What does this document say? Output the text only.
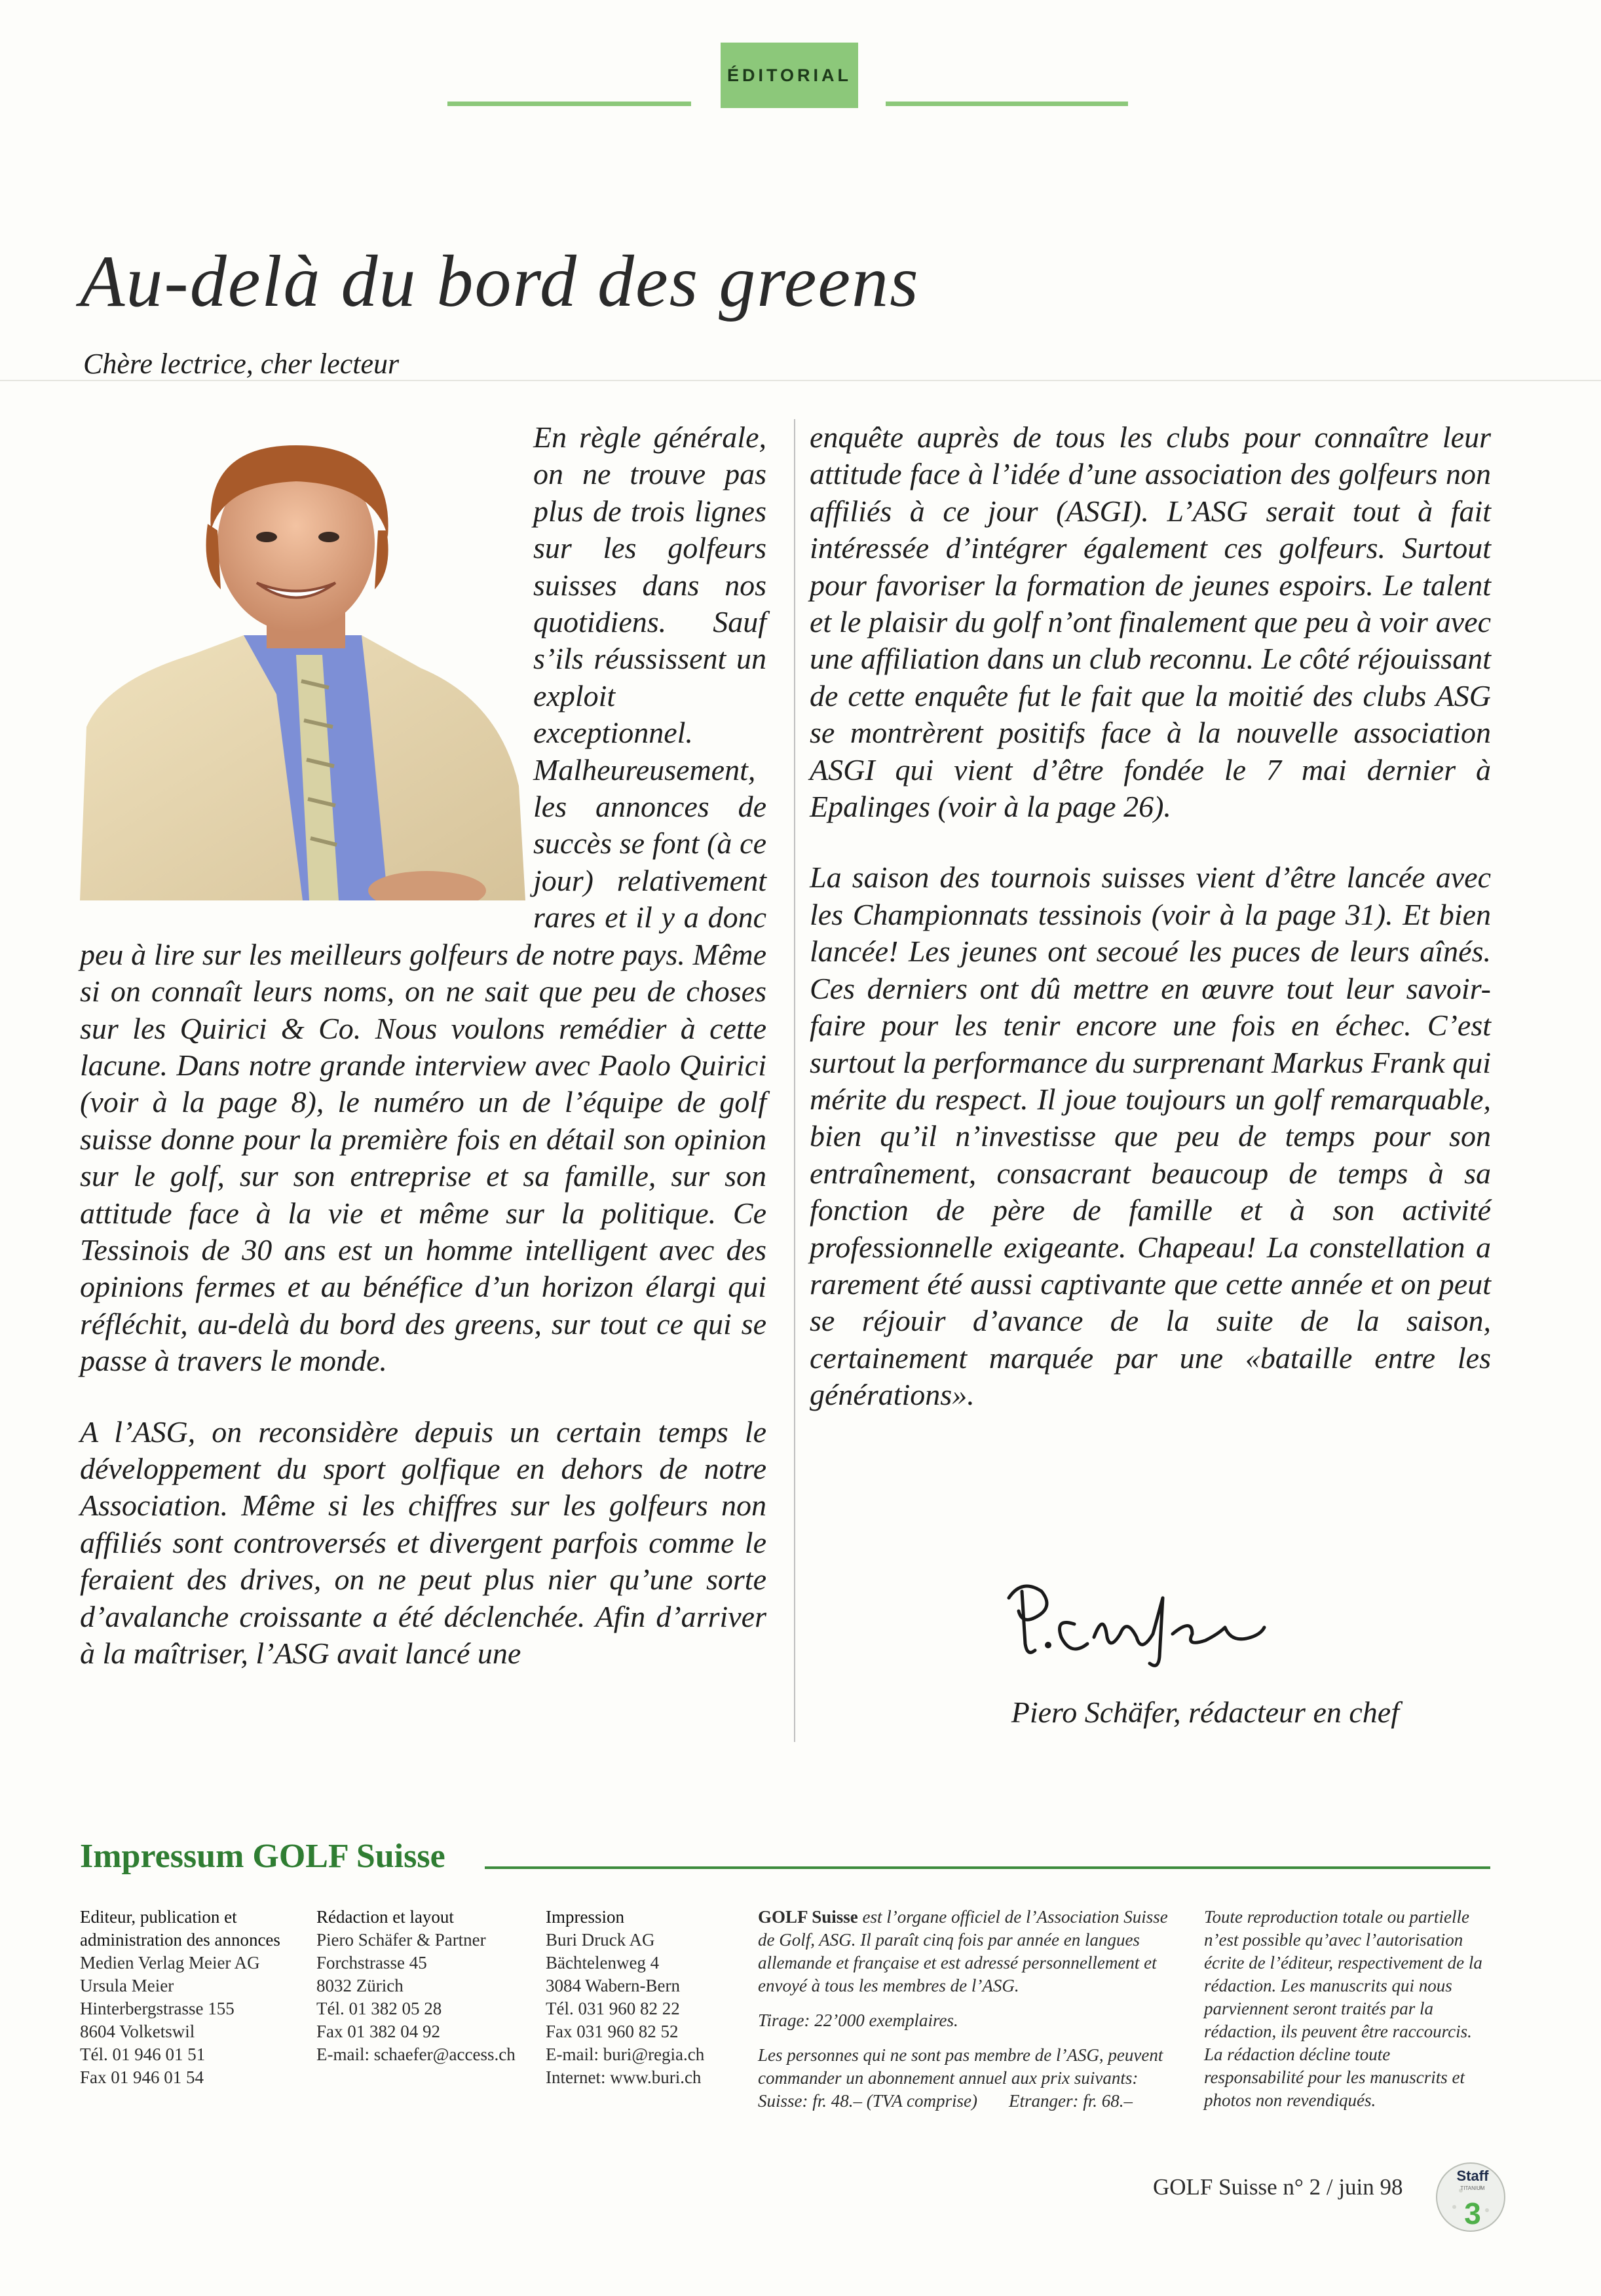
ÉDITORIAL
Au-delà du bord des greens
Chère lectrice, cher lecteur

En règle générale, on ne trouve pas plus de trois lignes sur les golfeurs suisses dans nos quotidiens. Sauf s’ils réussissent un exploit exceptionnel. Malheureusement, les annonces de succès se font (à ce jour) relativement rares et il y a donc peu à lire sur les meilleurs golfeurs de notre pays. Même si on connaît leurs noms, on ne sait que peu de choses sur les Quirici & Co. Nous voulons remédier à cette lacune. Dans notre grande interview avec Paolo Quirici (voir à la page 8), le numéro un de l’équipe de golf suisse donne pour la première fois en détail son opinion sur le golf, sur son entreprise et sa famille, sur son attitude face à la vie et même sur la politique. Ce Tessinois de 30 ans est un homme intelligent avec des opinions fermes et au bénéfice d’un horizon élargi qui réfléchit, au-delà du bord des greens, sur tout ce qui se passe à travers le monde.

A l’ASG, on reconsidère depuis un certain temps le développement du sport golfique en dehors de notre Association. Même si les chiffres sur les golfeurs non affiliés sont controversés et divergent parfois comme le feraient des drives, on ne peut plus nier qu’une sorte d’avalanche croissante a été déclenchée. Afin d’arriver à la maîtriser, l’ASG avait lancé une

enquête auprès de tous les clubs pour connaître leur attitude face à l’idée d’une association des golfeurs non affiliés à ce jour (ASGI). L’ASG serait tout à fait intéressée d’intégrer également ces golfeurs. Surtout pour favoriser la formation de jeunes espoirs. Le talent et le plaisir du golf n’ont finalement que peu à voir avec une affiliation dans un club reconnu. Le côté réjouissant de cette enquête fut le fait que la moitié des clubs ASG se montrèrent positifs face à la nouvelle association ASGI qui vient d’être fondée le 7 mai dernier à Epalinges (voir à la page 26).

La saison des tournois suisses vient d’être lancée avec les Championnats tessinois (voir à la page 31). Et bien lancée! Les jeunes ont secoué les puces de leurs aînés. Ces derniers ont dû mettre en œuvre tout leur savoir-faire pour les tenir encore une fois en échec. C’est surtout la performance du surprenant Markus Frank qui mérite du respect. Il joue toujours un golf remarquable, bien qu’il n’investisse que peu de temps pour son entraînement, consacrant beaucoup de temps à sa fonction de père de famille et à son activité professionnelle exigeante. Chapeau! La constellation a rarement été aussi captivante que cette année et on peut se réjouir d’avance de la suite de la saison, certainement marquée par une «bataille entre les générations».

Piero Schäfer, rédacteur en chef
Impressum GOLF Suisse

Editeur, publication et

administration des annonces

Medien Verlag Meier AG

Ursula Meier

Hinterbergstrasse 155

8604 Volketswil

Tél. 01 946 01 51

Fax 01 946 01 54

Rédaction et layout

Piero Schäfer & Partner

Forchstrasse 45

8032 Zürich

Tél. 01 382 05 28

Fax 01 382 04 92

E-mail: schaefer@access.ch

Impression

Buri Druck AG

Bächtelenweg 4

3084 Wabern-Bern

Tél. 031 960 82 22

Fax 031 960 82 52

E-mail: buri@regia.ch

Internet: www.buri.ch

GOLF Suisse est l’organe officiel de l’Association Suisse de Golf, ASG. Il paraît cinq fois par année en langues allemande et française et est adressé personnellement et envoyé à tous les membres de l’ASG.

Tirage: 22’000 exemplaires.

Les personnes qui ne sont pas membre de l’ASG, peuvent commander un abonnement annuel aux prix suivants:

Suisse: fr. 48.– (TVA comprise) Etranger: fr. 68.–

Toute reproduction totale ou partielle n’est possible qu’avec l’autorisation écrite de l’éditeur, respectivement de la rédaction. Les manuscrits qui nous parviennent seront traités par la rédaction, ils peuvent être raccourcis. La rédaction décline toute responsabilité pour les manuscrits et photos non revendiqués.

GOLF Suisse n° 2 / juin 98	Staff
TITANIUM
3
